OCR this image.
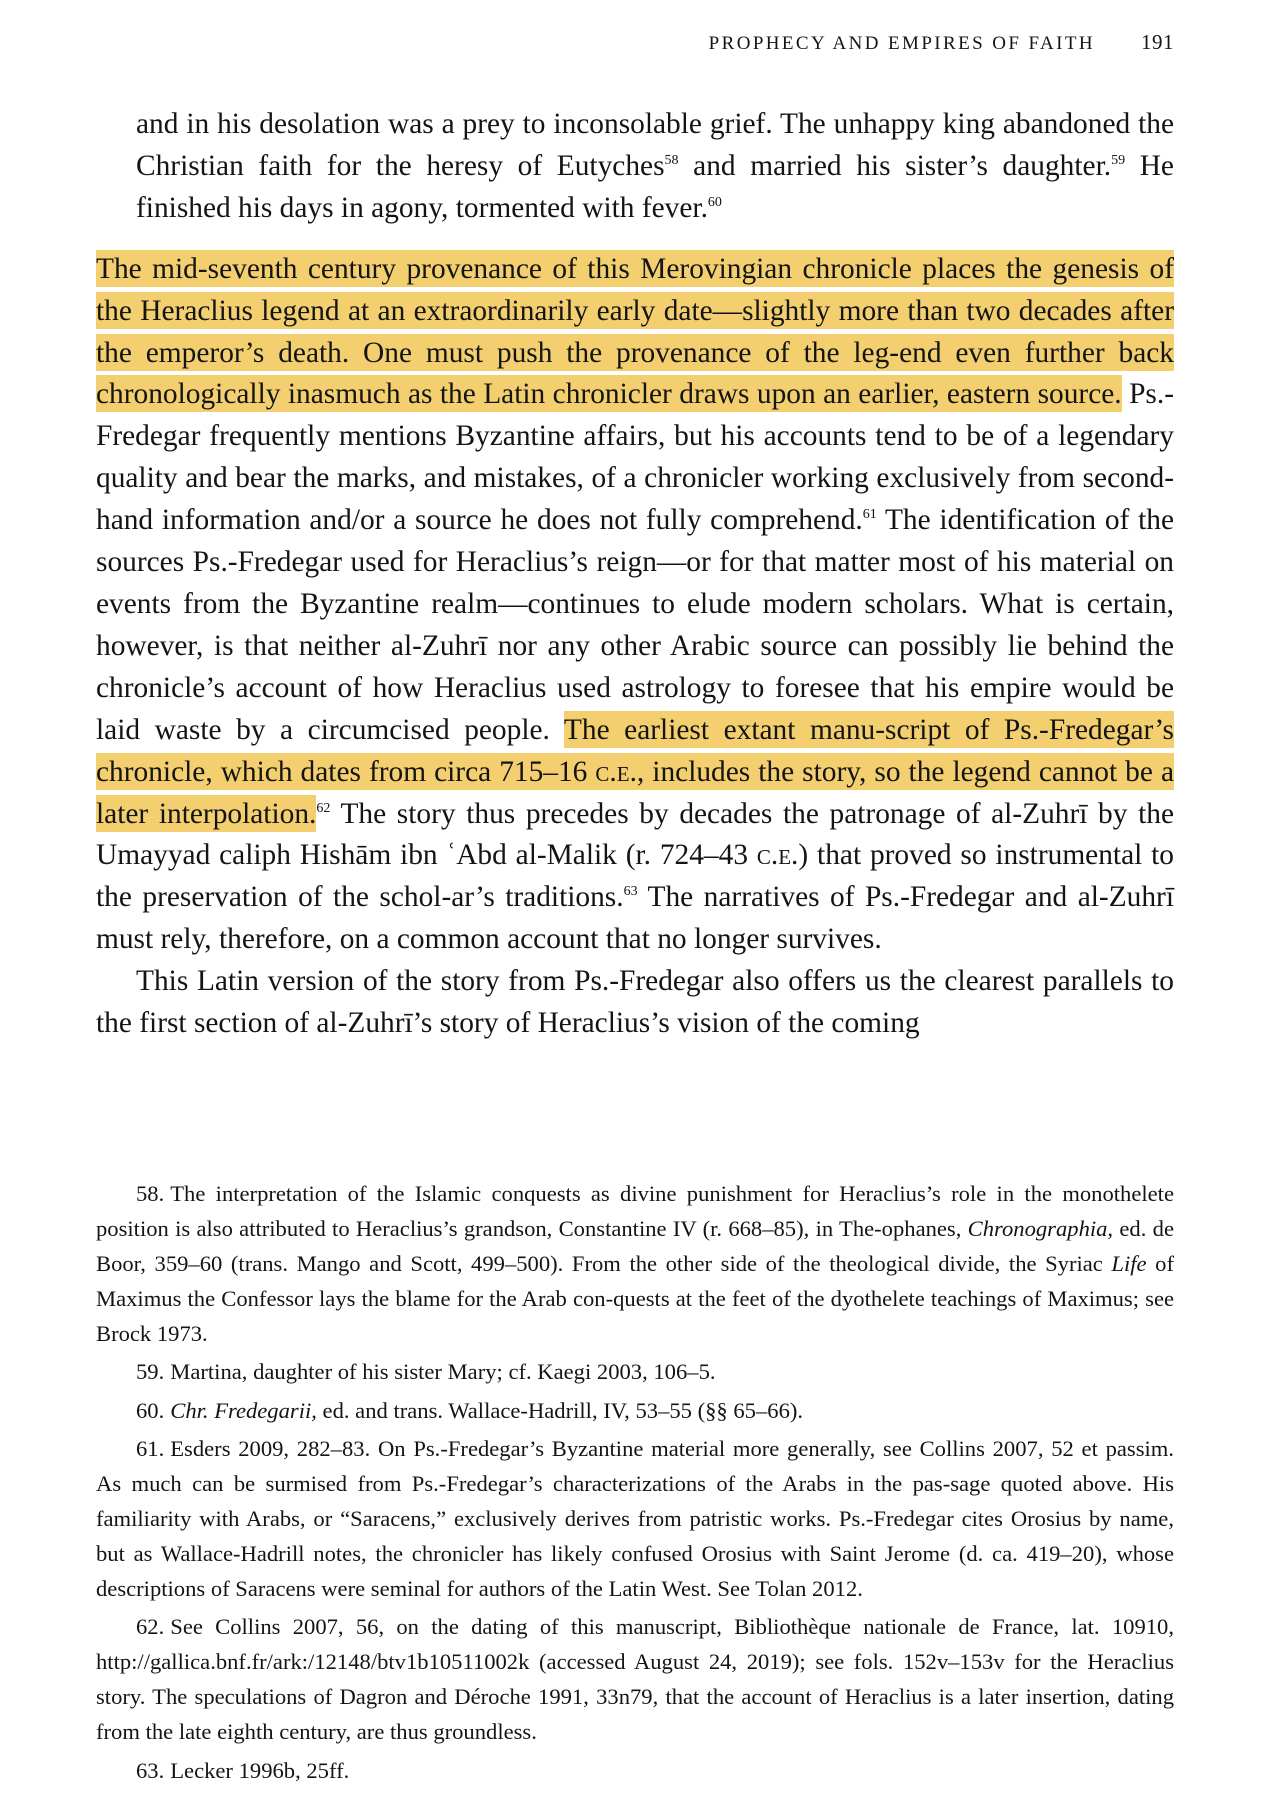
PROPHECY AND EMPIRES OF FAITH 191

and in his desolation was a prey to inconsolable grief. The unhappy king abandoned the Christian faith for the heresy of Eutyches$^{58}$ and married his sister’s daughter.$^{59}$ He finished his days in agony, tormented with fever.$^{60}$

The mid-seventh century provenance of this Merovingian chronicle places the genesis of the Heraclius legend at an extraordinarily early date—slightly more than two decades after the emperor’s death. One must push the provenance of the leg-end even further back chronologically inasmuch as the Latin chronicler draws upon an earlier, eastern source. Ps.-Fredegar frequently mentions Byzantine affairs, but his accounts tend to be of a legendary quality and bear the marks, and mistakes, of a chronicler working exclusively from second-hand information and/or a source he does not fully comprehend.$^{61}$ The identification of the sources Ps.-Fredegar used for Heraclius’s reign—or for that matter most of his material on events from the Byzantine realm—continues to elude modern scholars. What is certain, however, is that neither al-Zuhrī nor any other Arabic source can possibly lie behind the chronicle’s account of how Heraclius used astrology to foresee that his empire would be laid waste by a circumcised people. The earliest extant manu-script of Ps.-Fredegar’s chronicle, which dates from circa 715–16 c.e., includes the story, so the legend cannot be a later interpolation.$^{62}$ The story thus precedes by decades the patronage of al-Zuhrī by the Umayyad caliph Hishām ibn ʿAbd al-Malik (r. 724–43 c.e.) that proved so instrumental to the preservation of the schol-ar’s traditions.$^{63}$ The narratives of Ps.-Fredegar and al-Zuhrī must rely, therefore, on a common account that no longer survives.

This Latin version of the story from Ps.-Fredegar also offers us the clearest parallels to the first section of al-Zuhrī’s story of Heraclius’s vision of the coming

58. The interpretation of the Islamic conquests as divine punishment for Heraclius’s role in the monothelete position is also attributed to Heraclius’s grandson, Constantine IV (r. 668–85), in The-ophanes, Chronographia, ed. de Boor, 359–60 (trans. Mango and Scott, 499–500). From the other side of the theological divide, the Syriac Life of Maximus the Confessor lays the blame for the Arab con-quests at the feet of the dyothelete teachings of Maximus; see Brock 1973.

59. Martina, daughter of his sister Mary; cf. Kaegi 2003, 106–5.

60. Chr. Fredegarii, ed. and trans. Wallace-Hadrill, IV, 53–55 (§§ 65–66).

61. Esders 2009, 282–83. On Ps.-Fredegar’s Byzantine material more generally, see Collins 2007, 52 et passim. As much can be surmised from Ps.-Fredegar’s characterizations of the Arabs in the pas-sage quoted above. His familiarity with Arabs, or “Saracens,” exclusively derives from patristic works. Ps.-Fredegar cites Orosius by name, but as Wallace-Hadrill notes, the chronicler has likely confused Orosius with Saint Jerome (d. ca. 419–20), whose descriptions of Saracens were seminal for authors of the Latin West. See Tolan 2012.

62. See Collins 2007, 56, on the dating of this manuscript, Bibliothèque nationale de France, lat. 10910, http://gallica.bnf.fr/ark:/12148/btv1b10511002k (accessed August 24, 2019); see fols. 152v–153v for the Heraclius story. The speculations of Dagron and Déroche 1991, 33n79, that the account of Heraclius is a later insertion, dating from the late eighth century, are thus groundless.

63. Lecker 1996b, 25ff.
